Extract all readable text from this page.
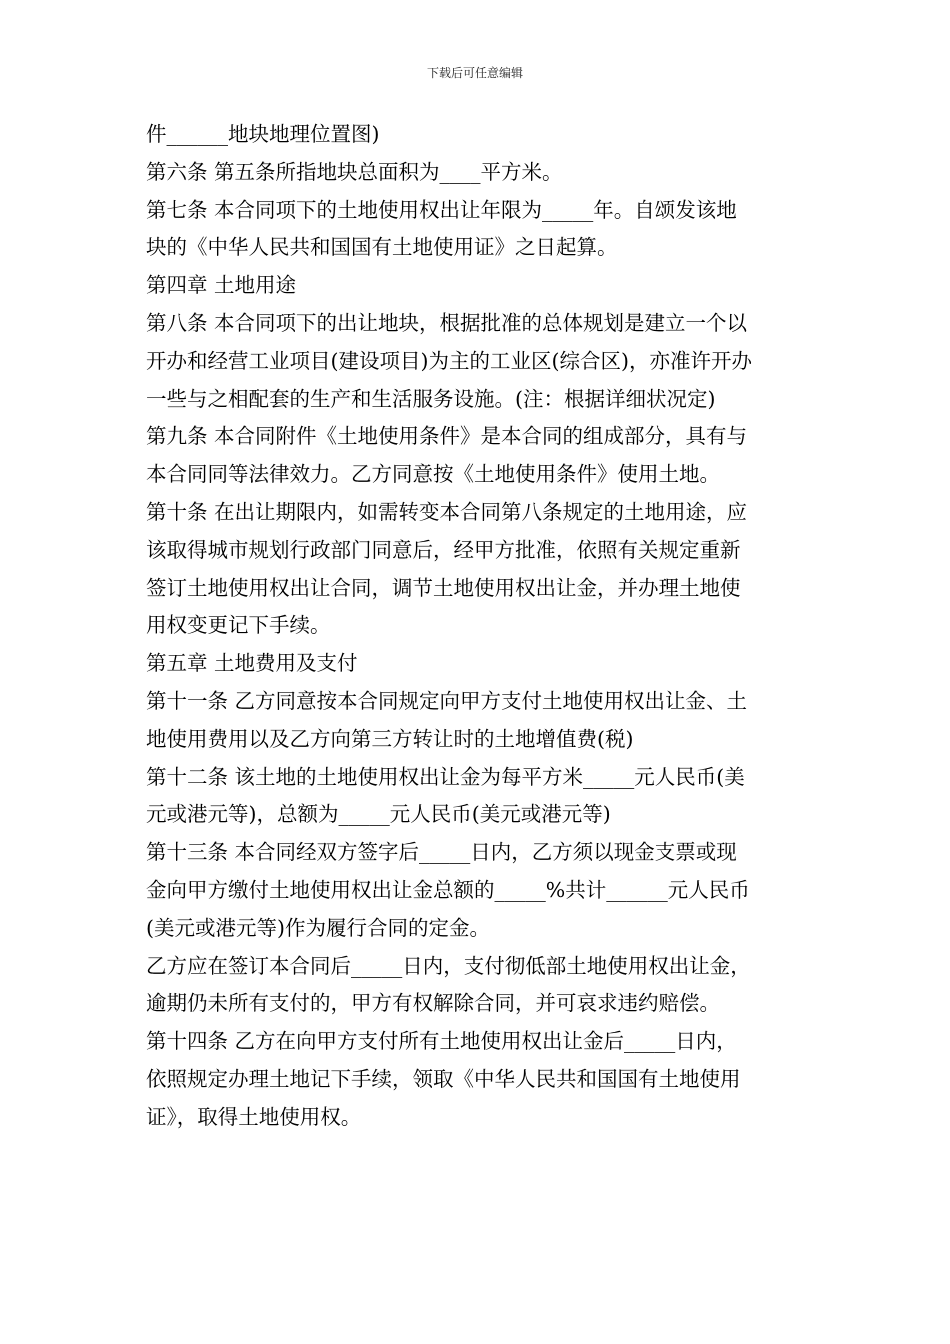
下载后可任意编辑
件______地块地理位置图)
第六条 第五条所指地块总面积为____平方米。
第七条 本合同项下的土地使用权出让年限为_____年。自颂发该地
块的《中华人民共和国国有土地使用证》之日起算。
第四章 土地用途
第八条 本合同项下的出让地块，根据批准的总体规划是建立一个以
开办和经营工业项目(建设项目)为主的工业区(综合区)，亦准许开办
一些与之相配套的生产和生活服务设施。(注：根据详细状况定)
第九条 本合同附件《土地使用条件》是本合同的组成部分，具有与
本合同同等法律效力。乙方同意按《土地使用条件》使用土地。
第十条 在出让期限内，如需转变本合同第八条规定的土地用途，应
该取得城市规划行政部门同意后，经甲方批准，依照有关规定重新
签订土地使用权出让合同，调节土地使用权出让金，并办理土地使
用权变更记下手续。
第五章 土地费用及支付
第十一条 乙方同意按本合同规定向甲方支付土地使用权出让金、土
地使用费用以及乙方向第三方转让时的土地增值费(税)
第十二条 该土地的土地使用权出让金为每平方米_____元人民币(美
元或港元等)，总额为_____元人民币(美元或港元等)
第十三条 本合同经双方签字后_____日内，乙方须以现金支票或现
金向甲方缴付土地使用权出让金总额的_____%共计______元人民币
(美元或港元等)作为履行合同的定金。
乙方应在签订本合同后_____日内，支付彻低部土地使用权出让金，
逾期仍未所有支付的，甲方有权解除合同，并可哀求违约赔偿。
第十四条 乙方在向甲方支付所有土地使用权出让金后_____日内，
依照规定办理土地记下手续，领取《中华人民共和国国有土地使用
证》，取得土地使用权。
